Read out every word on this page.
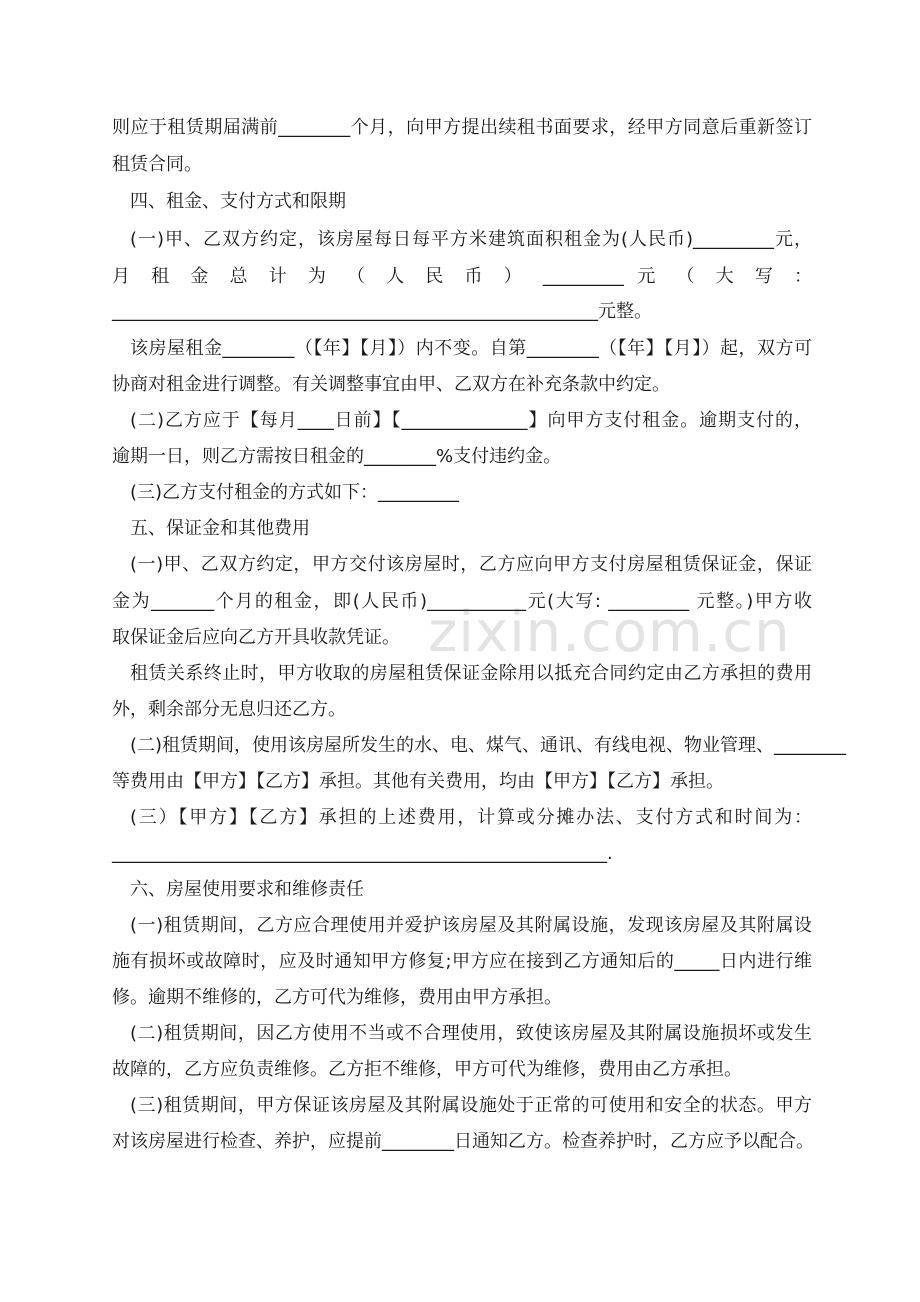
zixin.com.cn
则应于租赁期届满前________个月，向甲方提出续租书面要求，经甲方同意后重新签订
租赁合同。
四、租金、支付方式和限期
(一)甲、乙双方约定，该房屋每日每平方米建筑面积租金为(人民币)_________元，
月 租 金 总 计 为 （ 人 民 币 ） _________ 元 （ 大 写 ：
______________________________________________________元整。
该房屋租金________（【年】【月】）内不变。自第________（【年】【月】）起，双方可
协商对租金进行调整。有关调整事宜由甲、乙双方在补充条款中约定。
(二)乙方应于【每月____日前】【______________】向甲方支付租金。逾期支付的，
逾期一日，则乙方需按日租金的________%支付违约金。
(三)乙方支付租金的方式如下：_________
五、保证金和其他费用
(一)甲、乙双方约定，甲方交付该房屋时，乙方应向甲方支付房屋租赁保证金，保证
金为_______个月的租金，即(人民币)___________元(大写: _________ 元整。)甲方收
取保证金后应向乙方开具收款凭证。
租赁关系终止时，甲方收取的房屋租赁保证金除用以抵充合同约定由乙方承担的费用
外，剩余部分无息归还乙方。
(二)租赁期间，使用该房屋所发生的水、电、煤气、通讯、有线电视、物业管理、________
等费用由【甲方】【乙方】承担。其他有关费用，均由【甲方】【乙方】承担。
(三）【甲方】【乙方】承担的上述费用，计算或分摊办法、支付方式和时间为：
_______________________________________________________.
六、房屋使用要求和维修责任
(一)租赁期间，乙方应合理使用并爱护该房屋及其附属设施，发现该房屋及其附属设
施有损坏或故障时，应及时通知甲方修复;甲方应在接到乙方通知后的_____日内进行维
修。逾期不维修的，乙方可代为维修，费用由甲方承担。
(二)租赁期间，因乙方使用不当或不合理使用，致使该房屋及其附属设施损坏或发生
故障的，乙方应负责维修。乙方拒不维修，甲方可代为维修，费用由乙方承担。
(三)租赁期间，甲方保证该房屋及其附属设施处于正常的可使用和安全的状态。甲方
对该房屋进行检查、养护，应提前________日通知乙方。检查养护时，乙方应予以配合。
